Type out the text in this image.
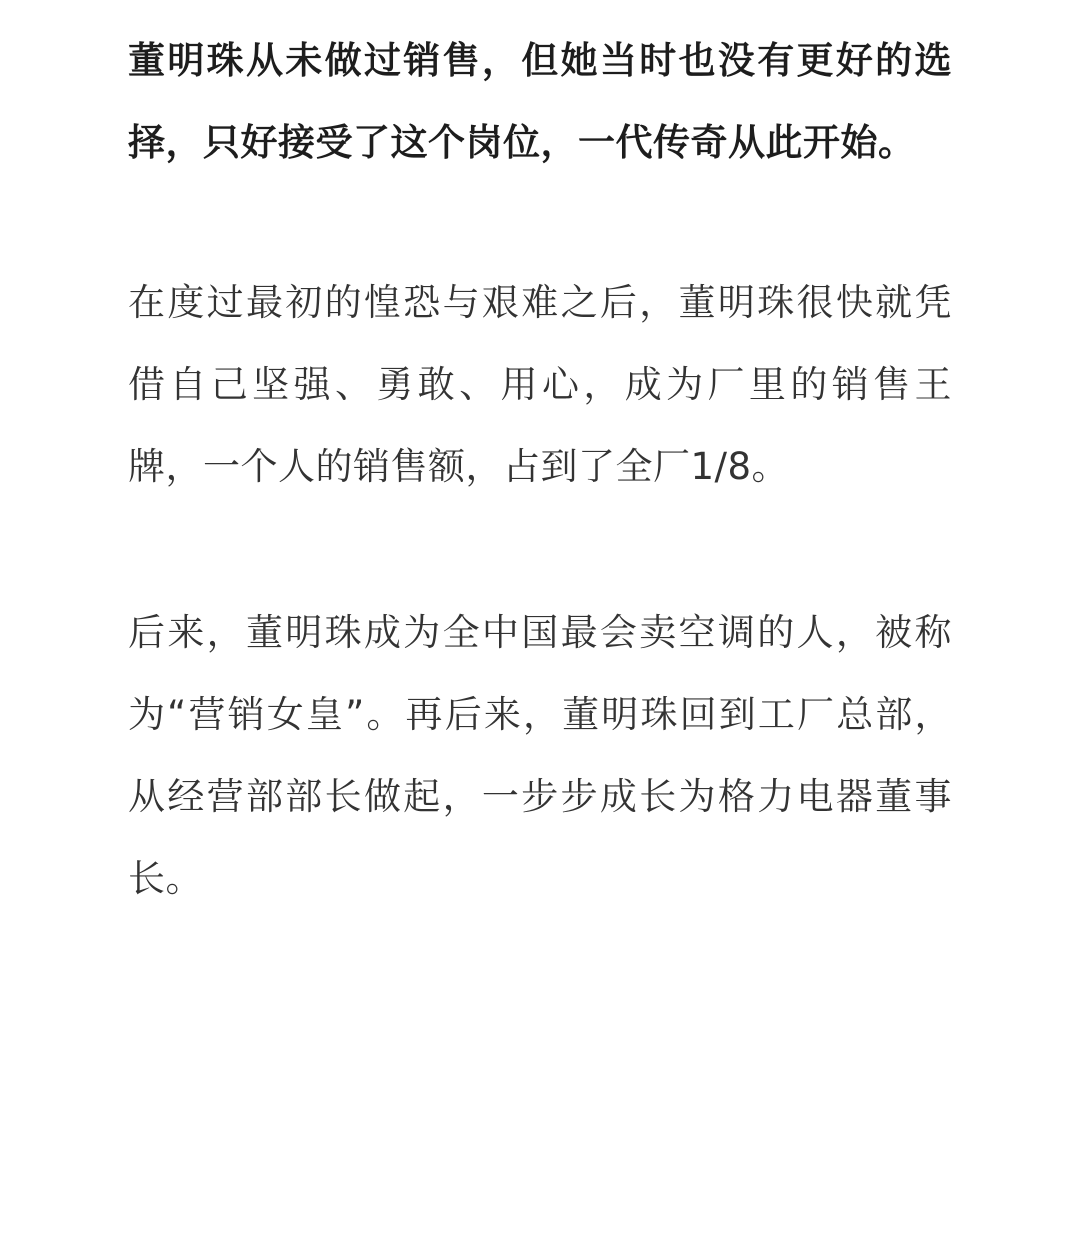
董明珠从未做过销售，但她当时也没有更好的选择，只好接受了这个岗位，一代传奇从此开始。

在度过最初的惶恐与艰难之后，董明珠很快就凭借自己坚强、勇敢、用心，成为厂里的销售王牌，一个人的销售额，占到了全厂1/8。

后来，董明珠成为全中国最会卖空调的人，被称为“营销女皇”。再后来，董明珠回到工厂总部，从经营部部长做起，一步步成长为格力电器董事长。
